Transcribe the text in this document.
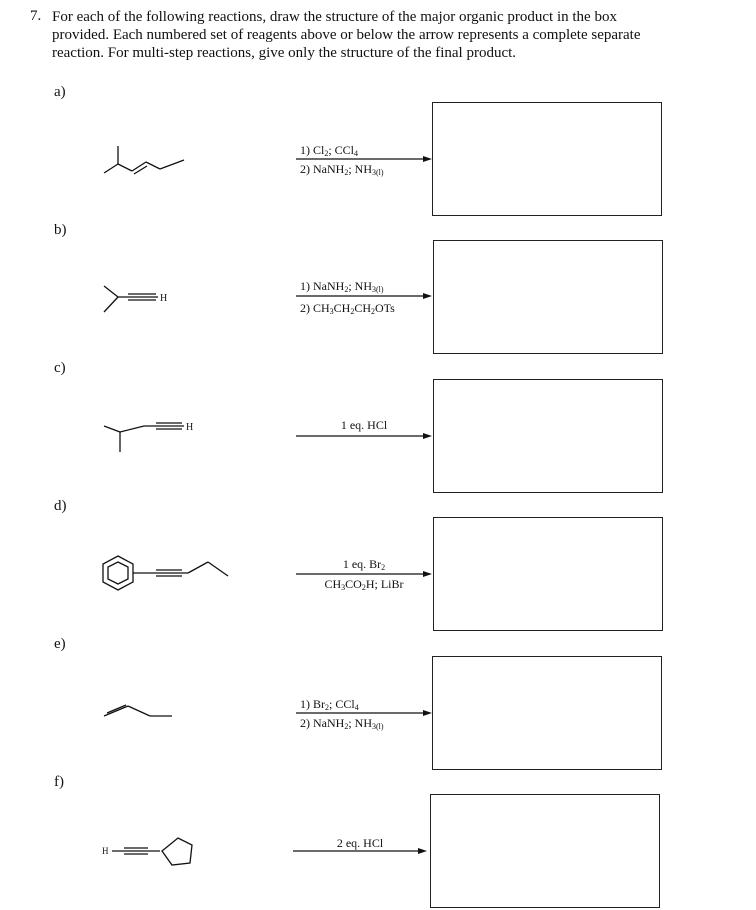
7. For each of the following reactions, draw the structure of the major organic product in the box
provided. Each numbered set of reagents above or below the arrow represents a complete separate
reaction. For multi-step reactions, give only the structure of the final product.
a)
b)
c)
d)
e)
f)
H
H
H
1) $Cl_2$; CCl$_4$
2) NaNH$_2$; $NH_{3(l)}$
1) NaNH$_2$; $NH_{3(l)}$
2) $CH_3CH_2CH_2OTs$
1 eq. HCl
1 eq. $Br_2$
$CH_3CO_2H$; LiBr
1) $Br_2$; CCl$_4$
2) NaNH$_2$; $NH_{3(l)}$
2 eq. HCl
